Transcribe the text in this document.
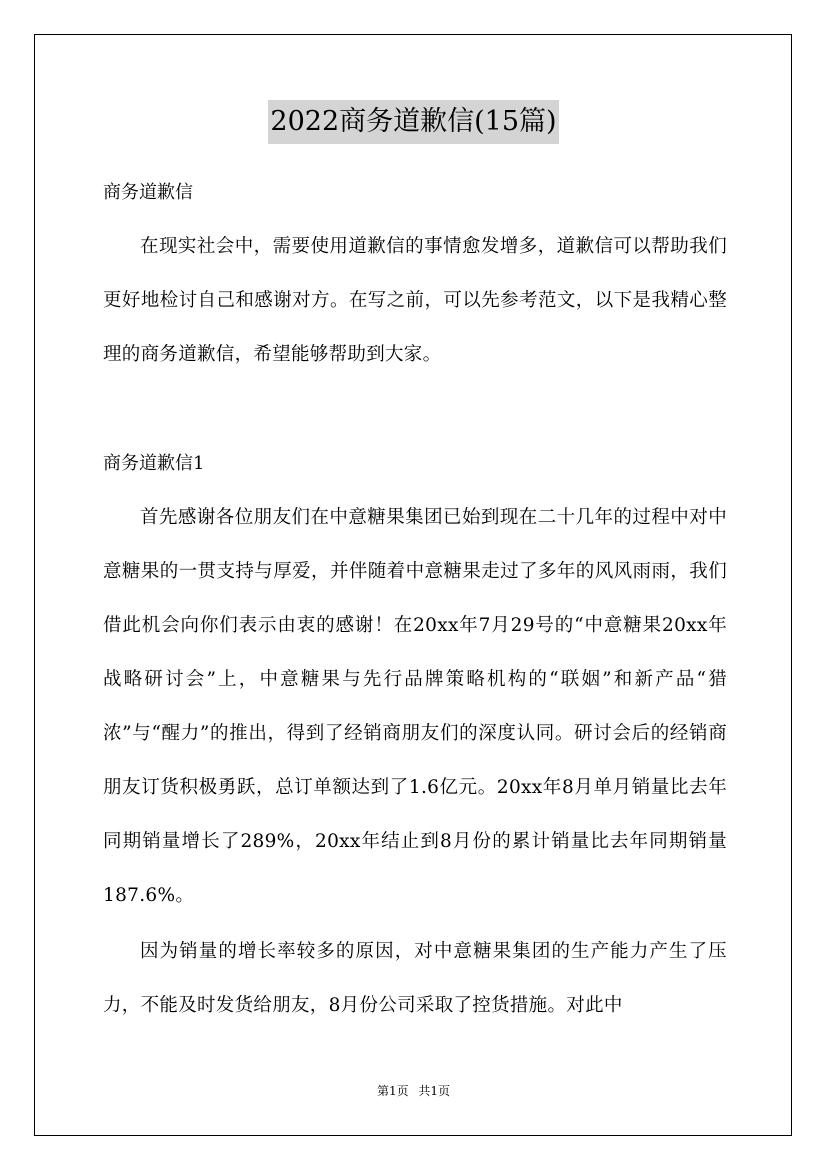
2022商务道歉信(15篇)
商务道歉信
在现实社会中，需要使用道歉信的事情愈发增多，道歉信可以帮助我们更好地检讨自己和感谢对方。在写之前，可以先参考范文，以下是我精心整理的商务道歉信，希望能够帮助到大家。
商务道歉信1
首先感谢各位朋友们在中意糖果集团已始到现在二十几年的过程中对中意糖果的一贯支持与厚爱，并伴随着中意糖果走过了多年的风风雨雨，我们借此机会向你们表示由衷的感谢！在20xx年7月29号的“中意糖果20xx年战略研讨会”上，中意糖果与先行品牌策略机构的“联姻”和新产品“猎浓”与“醒力”的推出，得到了经销商朋友们的深度认同。研讨会后的经销商朋友订货积极勇跃，总订单额达到了1.6亿元。20xx年8月单月销量比去年同期销量增长了289%，20xx年结止到8月份的累计销量比去年同期销量187.6%。
因为销量的增长率较多的原因，对中意糖果集团的生产能力产生了压力，不能及时发货给朋友，8月份公司采取了控货措施。对此中
第1页 共1页
